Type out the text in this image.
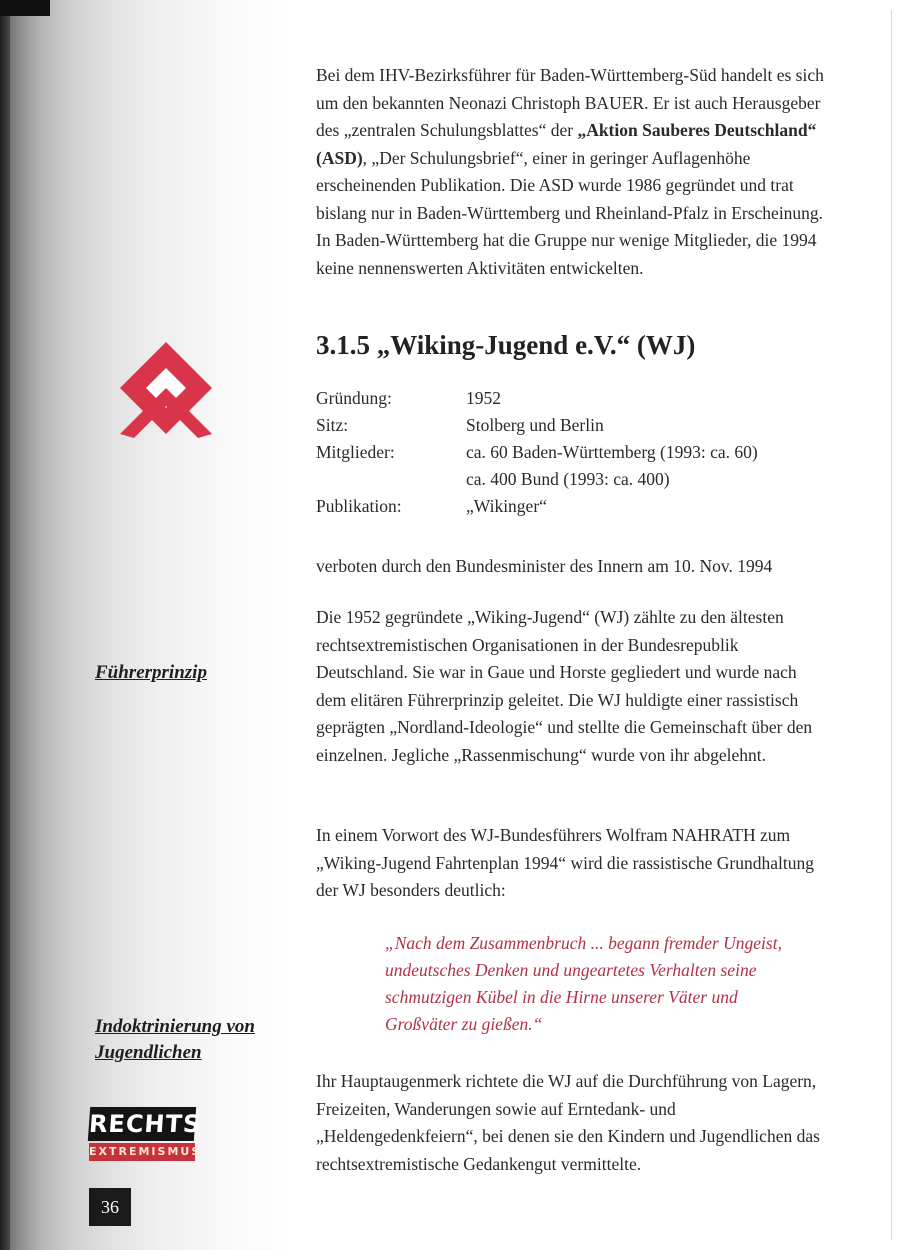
Bei dem IHV-Bezirksführer für Baden-Württemberg-Süd handelt es sich um den bekannten Neonazi Christoph BAUER. Er ist auch Herausgeber des „zentralen Schulungsblattes“ der „Aktion Sauberes Deutschland“ (ASD), „Der Schulungsbrief“, einer in geringer Auflagenhöhe erscheinenden Publikation. Die ASD wurde 1986 gegründet und trat bislang nur in Baden-Württemberg und Rheinland-Pfalz in Erscheinung. In Baden-Württemberg hat die Gruppe nur wenige Mitglieder, die 1994 keine nennenswerten Aktivitäten entwickelten.

3.1.5 „Wiking-Jugend e.V.“ (WJ)
Gründung:	1952
Sitz:	Stolberg und Berlin
Mitglieder:	ca. 60 Baden-Württemberg (1993: ca. 60)
ca. 400 Bund (1993: ca. 400)
Publikation:	„Wikinger“

verboten durch den Bundesminister des Innern am 10. Nov. 1994

Die 1952 gegründete „Wiking-Jugend“ (WJ) zählte zu den ältesten rechtsextremistischen Organisationen in der Bundesrepublik Deutschland. Sie war in Gaue und Horste gegliedert und wurde nach dem elitären Führerprinzip geleitet. Die WJ huldigte einer rassistisch geprägten „Nordland-Ideologie“ und stellte die Gemeinschaft über den einzelnen. Jegliche „Rassenmischung“ wurde von ihr abgelehnt.

In einem Vorwort des WJ-Bundesführers Wolfram NAHRATH zum „Wiking-Jugend Fahrtenplan 1994“ wird die rassistische Grundhaltung der WJ besonders deutlich:

„Nach dem Zusammenbruch ... begann fremder Ungeist, undeutsches Denken und ungeartetes Verhalten seine schmutzigen Kübel in die Hirne unserer Väter und Großväter zu gießen.“

Ihr Hauptaugenmerk richtete die WJ auf die Durchführung von Lagern, Freizeiten, Wanderungen sowie auf Erntedank- und „Heldengedenkfeiern“, bei denen sie den Kindern und Jugendlichen das rechtsextremistische Gedankengut vermittelte.

Führerprinzip
Indoktrinierung von Jugendlichen
RECHTS
EXTREMISMUS
36
